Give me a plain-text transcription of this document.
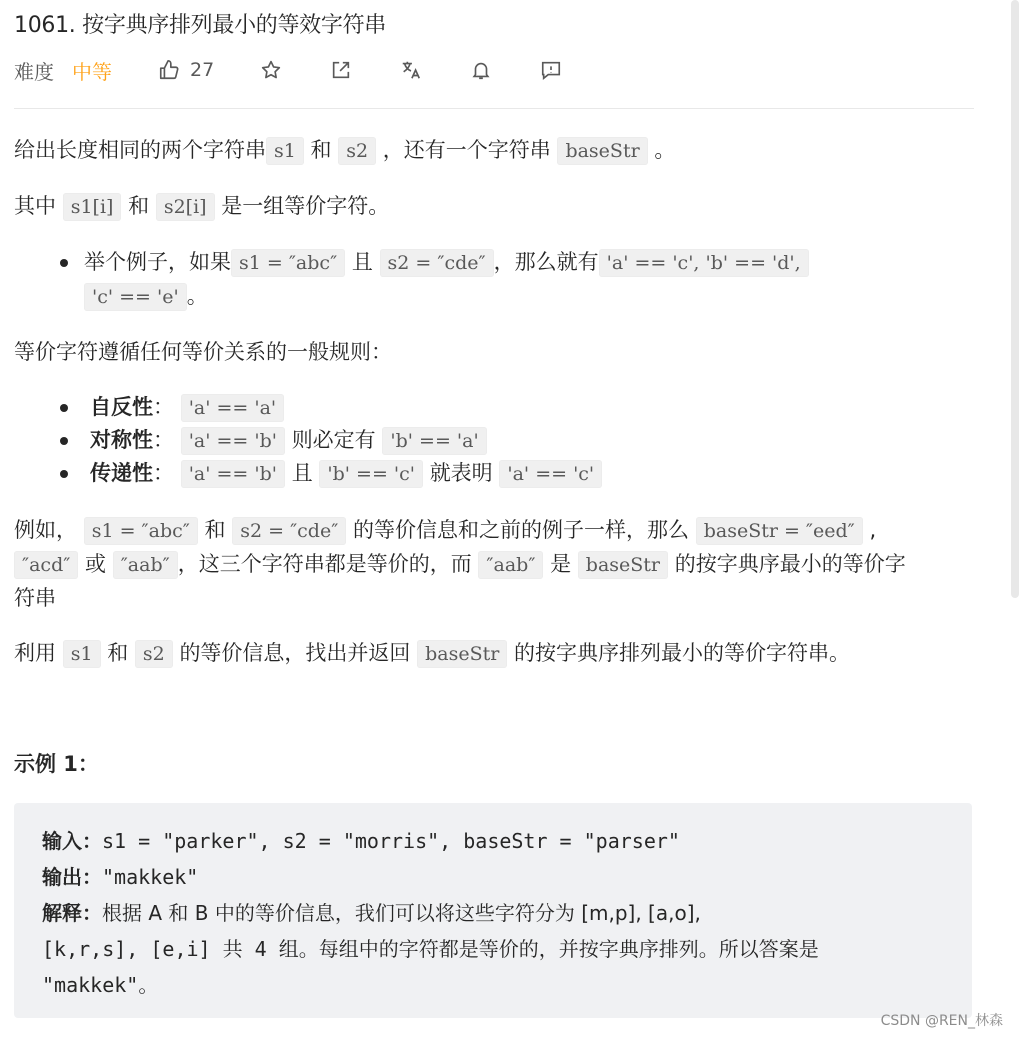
1061. 按字典序排列最小的等效字符串
难度 中等	27
给出长度相同的两个字符串 s1 和 s2 ，还有一个字符串 baseStr 。
其中 s1[i] 和 s2[i] 是一组等价字符。
举个例子，如果 s1 = ″abc″ 且 s2 = ″cde″ ，那么就有 'a' == 'c', 'b' == 'd',
'c' == 'e' 。
等价字符遵循任何等价关系的一般规则：
自反性： 'a' == 'a'
对称性： 'a' == 'b' 则必定有 'b' == 'a'
传递性： 'a' == 'b' 且 'b' == 'c' 就表明 'a' == 'c'
例如， s1 = ″abc″ 和 s2 = ″cde″ 的等价信息和之前的例子一样，那么 baseStr = ″eed″ ,
″acd″ 或 ″aab″ ，这三个字符串都是等价的，而 ″aab″ 是 baseStr 的按字典序最小的等价字
符串
利用 s1 和 s2 的等价信息，找出并返回 baseStr 的按字典序排列最小的等价字符串。
示例 1：
输入：s1 = "parker", s2 = "morris", baseStr = "parser"
输出："makkek"
解释：根据 A 和 B 中的等价信息，我们可以将这些字符分为 [m,p], [a,o],
[k,r,s], [e,i] 共 4 组。每组中的字符都是等价的，并按字典序排列。所以答案是
"makkek"。
CSDN @REN_林森
